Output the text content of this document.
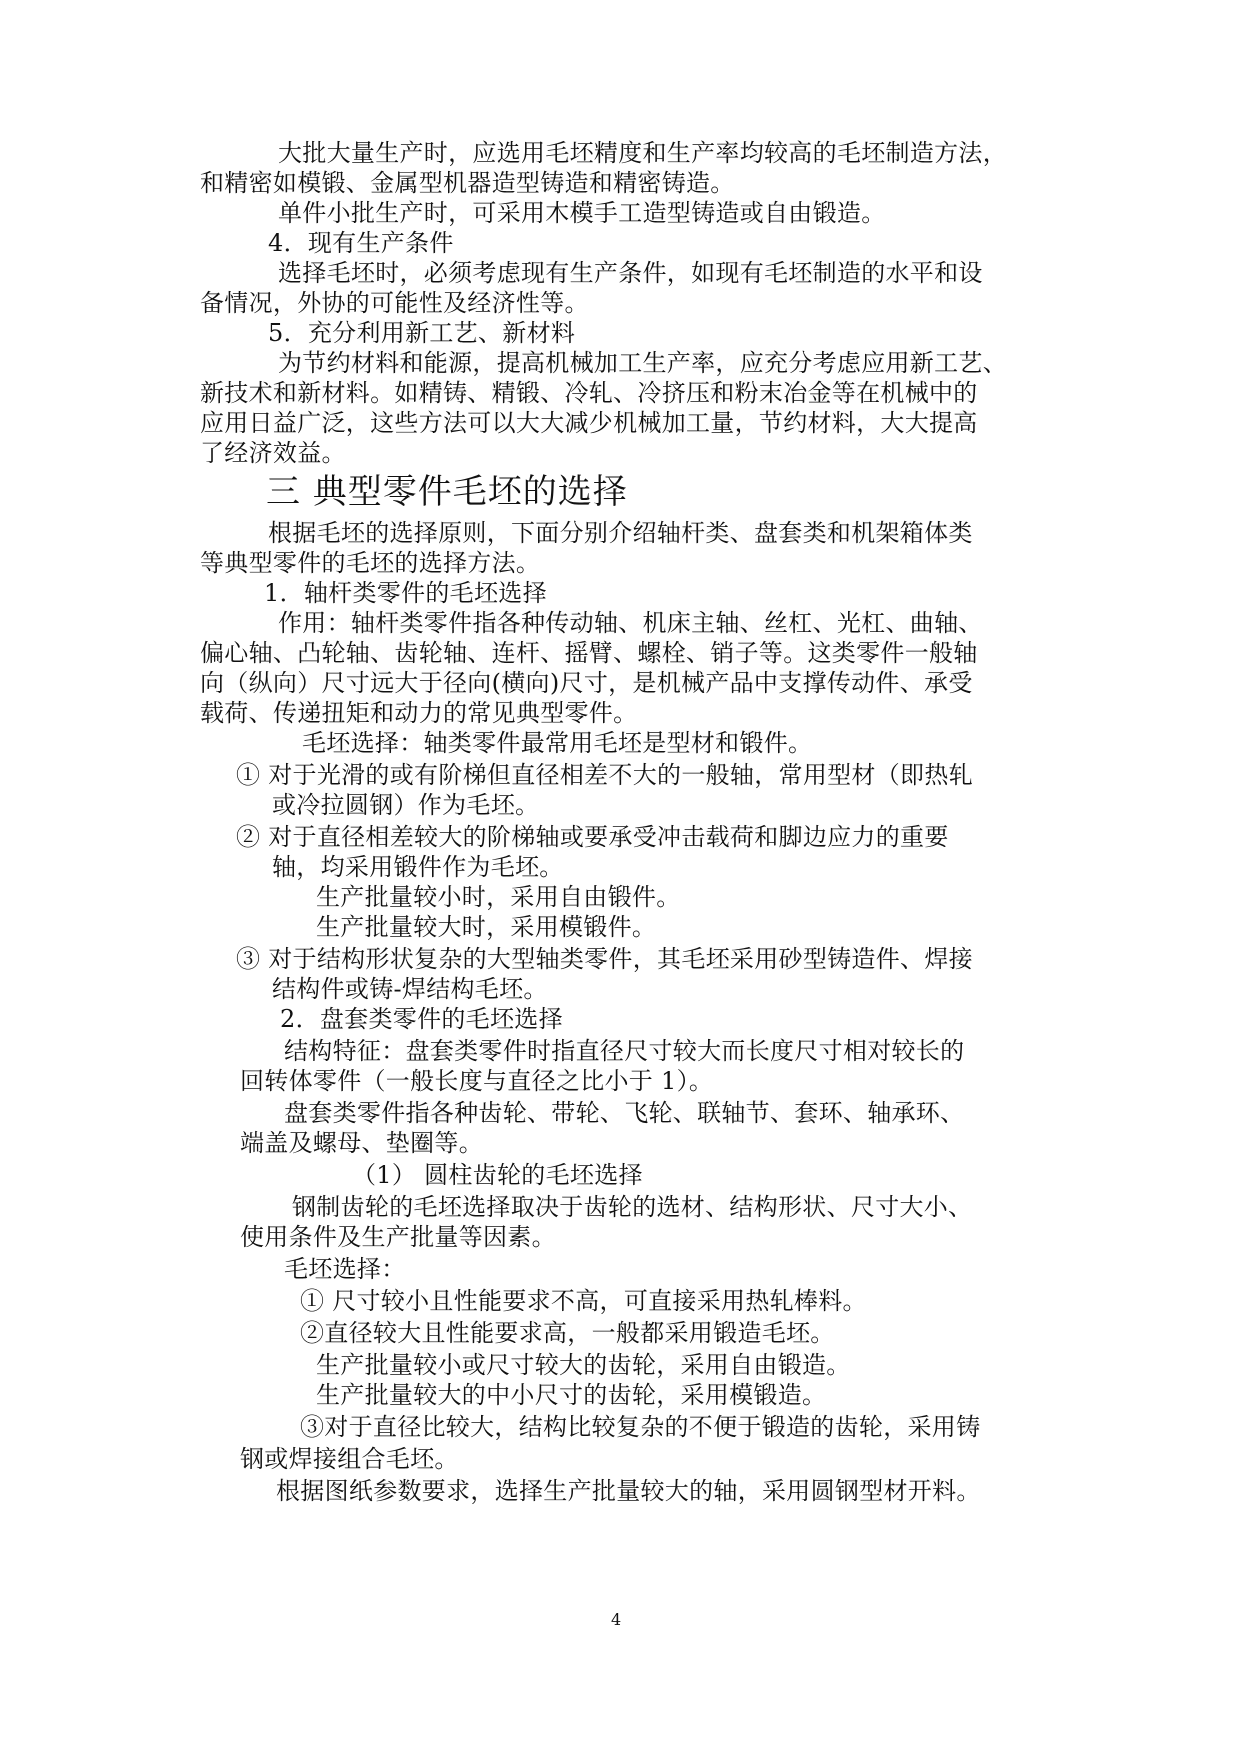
大批大量生产时，应选用毛坯精度和生产率均较高的毛坯制造方法，
和精密如模锻、金属型机器造型铸造和精密铸造。
单件小批生产时，可采用木模手工造型铸造或自由锻造。
4．现有生产条件
选择毛坯时，必须考虑现有生产条件，如现有毛坯制造的水平和设
备情况，外协的可能性及经济性等。
5．充分利用新工艺、新材料
为节约材料和能源，提高机械加工生产率，应充分考虑应用新工艺、
新技术和新材料。如精铸、精锻、冷轧、冷挤压和粉末冶金等在机械中的
应用日益广泛，这些方法可以大大减少机械加工量，节约材料，大大提高
了经济效益。
三 典型零件毛坯的选择
根据毛坯的选择原则，下面分别介绍轴杆类、盘套类和机架箱体类
等典型零件的毛坯的选择方法。
1．轴杆类零件的毛坯选择
作用：轴杆类零件指各种传动轴、机床主轴、丝杠、光杠、曲轴、
偏心轴、凸轮轴、齿轮轴、连杆、摇臂、螺栓、销子等。这类零件一般轴
向（纵向）尺寸远大于径向(横向)尺寸，是机械产品中支撑传动件、承受
载荷、传递扭矩和动力的常见典型零件。
毛坯选择：轴类零件最常用毛坯是型材和锻件。
① 对于光滑的或有阶梯但直径相差不大的一般轴，常用型材（即热轧
或冷拉圆钢）作为毛坯。
② 对于直径相差较大的阶梯轴或要承受冲击载荷和脚边应力的重要
轴，均采用锻件作为毛坯。
生产批量较小时，采用自由锻件。
生产批量较大时，采用模锻件。
③ 对于结构形状复杂的大型轴类零件，其毛坯采用砂型铸造件、焊接
结构件或铸-焊结构毛坯。
2．盘套类零件的毛坯选择
结构特征：盘套类零件时指直径尺寸较大而长度尺寸相对较长的
回转体零件（一般长度与直径之比小于 1）。
盘套类零件指各种齿轮、带轮、飞轮、联轴节、套环、轴承环、
端盖及螺母、垫圈等。
（1） 圆柱齿轮的毛坯选择
钢制齿轮的毛坯选择取决于齿轮的选材、结构形状、尺寸大小、
使用条件及生产批量等因素。
毛坯选择：
① 尺寸较小且性能要求不高，可直接采用热轧棒料。
②直径较大且性能要求高，一般都采用锻造毛坯。
生产批量较小或尺寸较大的齿轮，采用自由锻造。
生产批量较大的中小尺寸的齿轮，采用模锻造。
③对于直径比较大，结构比较复杂的不便于锻造的齿轮，采用铸
钢或焊接组合毛坯。
根据图纸参数要求，选择生产批量较大的轴，采用圆钢型材开料。
4
